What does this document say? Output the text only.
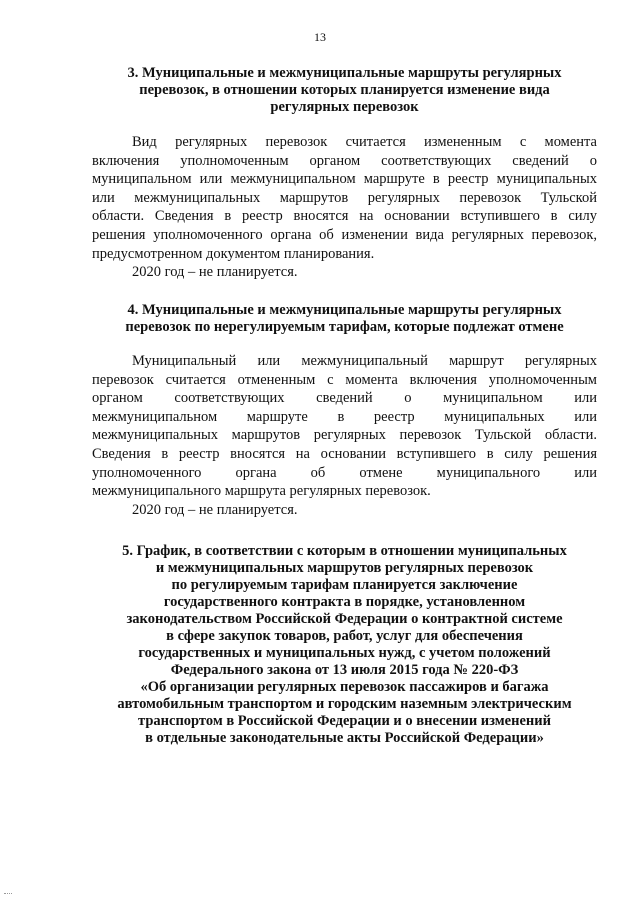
13
3. Муниципальные и межмуниципальные маршруты регулярных
перевозок, в отношении которых планируется изменение вида
регулярных перевозок
Вид регулярных перевозок считается измененным с момента
включения уполномоченным органом соответствующих сведений о
муниципальном или межмуниципальном маршруте в реестр муниципальных
или межмуниципальных маршрутов регулярных перевозок Тульской
области. Сведения в реестр вносятся на основании вступившего в силу
решения уполномоченного органа об изменении вида регулярных перевозок,
предусмотренном документом планирования.
2020 год – не планируется.
4. Муниципальные и межмуниципальные маршруты регулярных
перевозок по нерегулируемым тарифам, которые подлежат отмене
Муниципальный или межмуниципальный маршрут регулярных
перевозок считается отмененным с момента включения уполномоченным
органом соответствующих сведений о муниципальном или
межмуниципальном маршруте в реестр муниципальных или
межмуниципальных маршрутов регулярных перевозок Тульской области.
Сведения в реестр вносятся на основании вступившего в силу решения
уполномоченного органа об отмене муниципального или
межмуниципального маршрута регулярных перевозок.
2020 год – не планируется.
5. График, в соответствии с которым в отношении муниципальных
и межмуниципальных маршрутов регулярных перевозок
по регулируемым тарифам планируется заключение
государственного контракта в порядке, установленном
законодательством Российской Федерации о контрактной системе
в сфере закупок товаров, работ, услуг для обеспечения
государственных и муниципальных нужд, с учетом положений
Федерального закона от 13 июля 2015 года № 220-ФЗ
«Об организации регулярных перевозок пассажиров и багажа
автомобильным транспортом и городским наземным электрическим
транспортом в Российской Федерации и о внесении изменений
в отдельные законодательные акты Российской Федерации»
